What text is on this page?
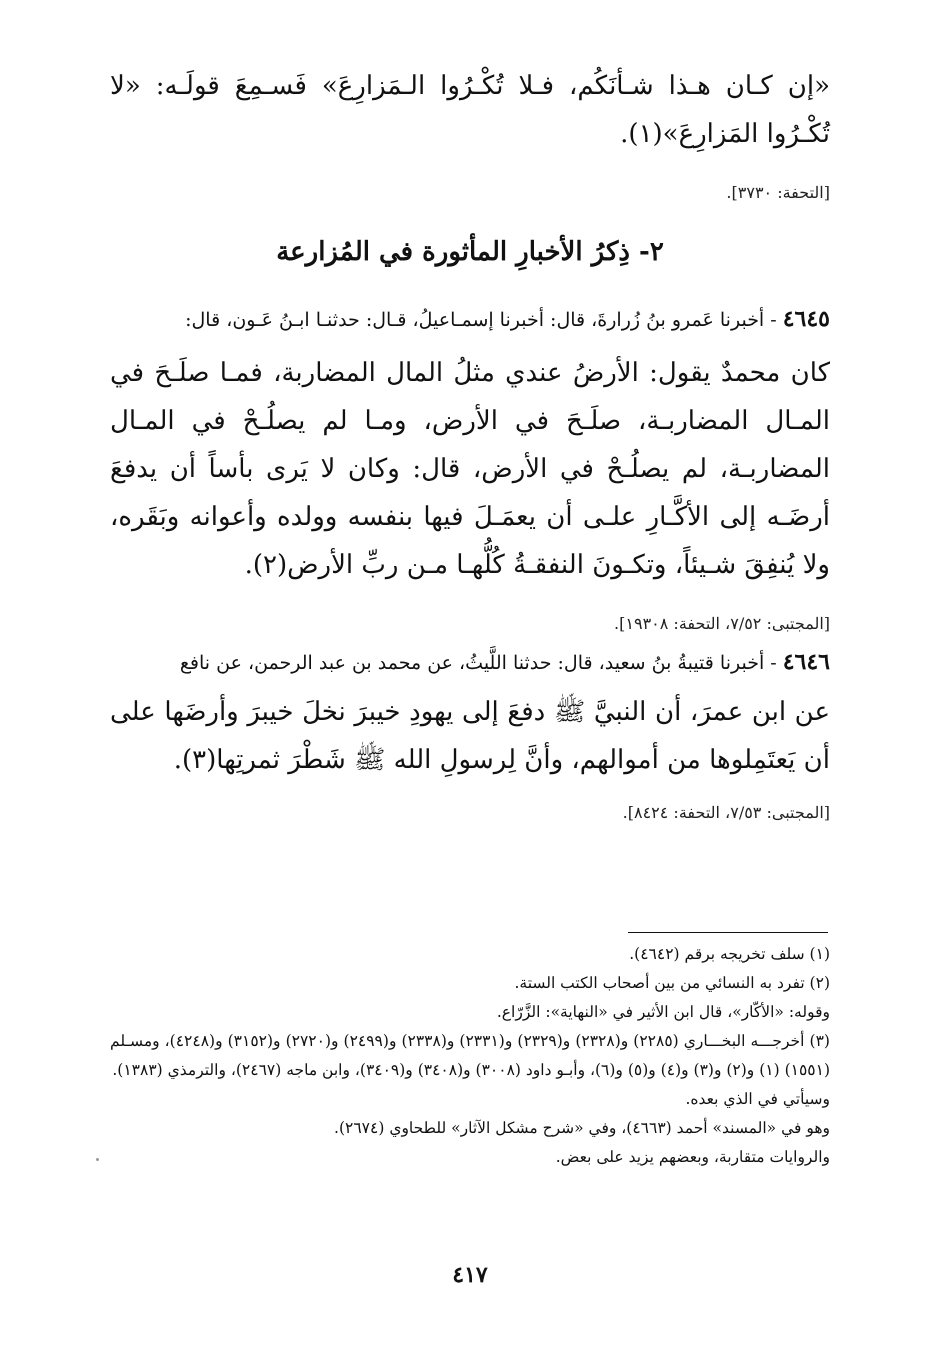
«إن كـان هـذا شـأنَكُم، فـلا تُكْـرُوا الـمَزارِعَ» فَسـمِعَ قولَـه: «لا تُكْـرُوا المَزارِعَ»(١).

[التحفة: ٣٧٣٠].

٢- ذِكرُ الأخبارِ المأثورة في المُزارعة

٤٦٤٥ - أخبرنا عَمرو بنُ زُرارةَ، قال: أخبرنا إسمـاعيلُ، قـال: حدثنـا ابـنُ عَـون، قال:

كان محمدٌ يقول: الأرضُ عندي مثلُ المال المضاربة، فمـا صلَـحَ في المـال المضاربـة، صلَـحَ في الأرض، ومـا لم يصلُـحْ في المـال المضاربـة، لم يصلُـحْ في الأرض، قال: وكان لا يَرى بأساً أن يدفعَ أرضَـه إلى الأكَّـارِ علـى أن يعمَـلَ فيها بنفسه وولده وأعوانه وبَقَره، ولا يُنفِقَ شـيئاً، وتكـونَ النفقـةُ كُلُّهـا مـن ربِّ الأرض(٢).

[المجتبى: ٧/٥٢، التحفة: ١٩٣٠٨].

٤٦٤٦ - أخبرنا قتيبةُ بنُ سعيد، قال: حدثنا اللَّيثُ، عن محمد بن عبد الرحمن، عن نافع

عن ابن عمرَ، أن النبيَّ ﷺ دفعَ إلى يهودِ خيبرَ نخلَ خيبرَ وأرضَها على أن يَعتَمِلوها من أموالهم، وأنَّ لِرسولِ الله ﷺ شَطْرَ ثمرتِها(٣).

[المجتبى: ٧/٥٣، التحفة: ٨٤٢٤].

(١) سلف تخريجه برقم (٤٦٤٢).

(٢) تفرد به النسائي من بين أصحاب الكتب الستة.

وقوله: «الأكّار»، قال ابن الأثير في «النهاية»: الزَّرّاع.

(٣) أخرجـــه البخـــاري (٢٢٨٥) و(٢٣٢٨) و(٢٣٢٩) و(٢٣٣١) و(٢٣٣٨) و(٢٤٩٩) و(٢٧٢٠) و(٣١٥٢) و(٤٢٤٨)، ومسـلم (١٥٥١) (١) و(٢) و(٣) و(٤) و(٥) و(٦)، وأبـو داود (٣٠٠٨) و(٣٤٠٨) و(٣٤٠٩)، وابن ماجه (٢٤٦٧)، والترمذي (١٣٨٣).

وسيأتي في الذي بعده.

وهو في «المسند» أحمد (٤٦٦٣)، وفي «شرح مشكل الآثار» للطحاوي (٢٦٧٤).

والروايات متقاربة، وبعضهم يزيد على بعض.

٤١٧
